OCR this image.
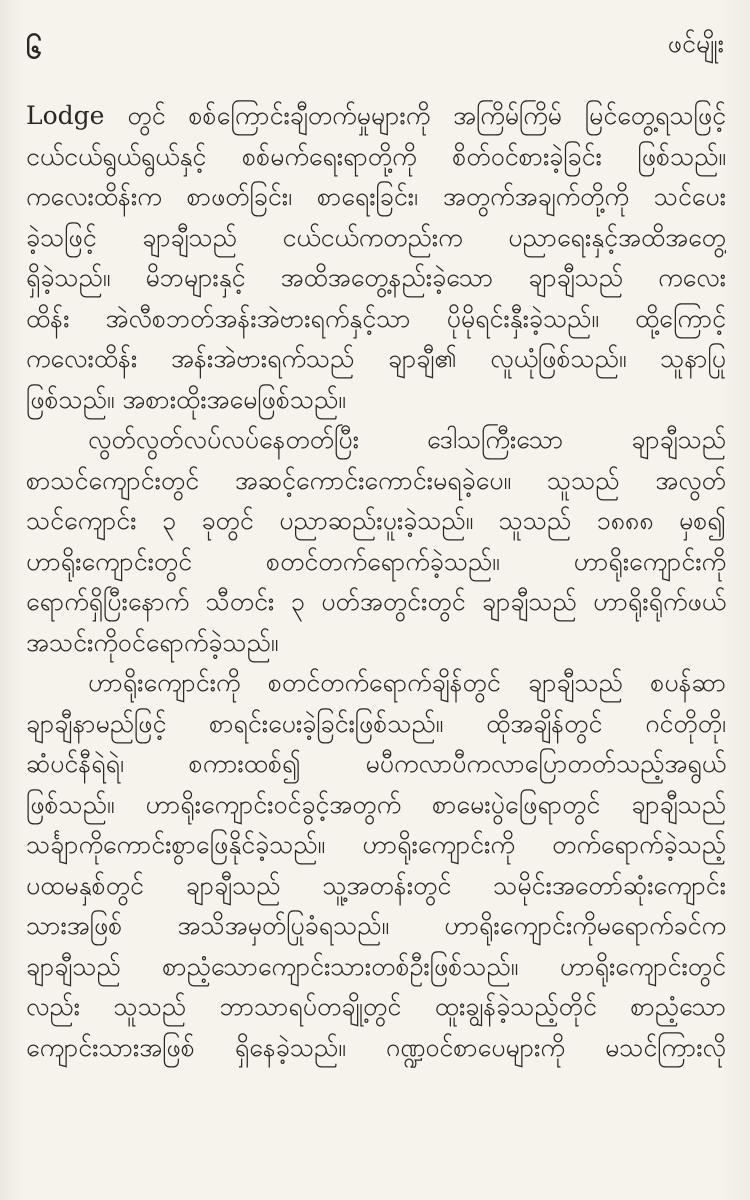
၆	ဖင်မျိုး
Lodge တွင် စစ်ကြောင်းချီတက်မှုများကို အကြိမ်ကြိမ် မြင်တွေ့ရသဖြင့်
ငယ်ငယ်ရွယ်ရွယ်နှင့် စစ်မက်ရေးရာတို့ကို စိတ်ဝင်စားခဲ့ခြင်း ဖြစ်သည်။
ကလေးထိန်းက စာဖတ်ခြင်း၊ စာရေးခြင်း၊ အတွက်အချက်တို့ကို သင်ပေး
ခဲ့သဖြင့် ချာချီသည် ငယ်ငယ်ကတည်းက ပညာရေးနှင့်အထိအတွေ့
ရှိခဲ့သည်။ မိဘများနှင့် အထိအတွေ့နည်းခဲ့သော ချာချီသည် ကလေး
ထိန်း အဲလီစဘတ်အန်းအဲဗားရက်နှင့်သာ ပိုမိုရင်းနှီးခဲ့သည်။ ထို့ကြောင့်
ကလေးထိန်း အန်းအဲဗားရက်သည် ချာချီ၏ လူယုံဖြစ်သည်။ သူနာပြု
ဖြစ်သည်။ အစားထိုးအမေဖြစ်သည်။
လွတ်လွတ်လပ်လပ်နေတတ်ပြီး ဒေါသကြီးသော ချာချီသည်
စာသင်ကျောင်းတွင် အဆင့်ကောင်းကောင်းမရခဲ့ပေ။ သူသည် အလွတ်
သင်ကျောင်း ၃ ခုတွင် ပညာဆည်းပူးခဲ့သည်။ သူသည် ၁၈၈၈ မှစ၍
ဟာရိုးကျောင်းတွင် စတင်တက်ရောက်ခဲ့သည်။ ဟာရိုးကျောင်းကို
ရောက်ရှိပြီးနောက် သီတင်း ၃ ပတ်အတွင်းတွင် ချာချီသည် ဟာရိုးရိုက်ဖယ်
အသင်းကိုဝင်ရောက်ခဲ့သည်။
ဟာရိုးကျောင်းကို စတင်တက်ရောက်ချိန်တွင် ချာချီသည် စပန်ဆာ
ချာချီနာမည်ဖြင့် စာရင်းပေးခဲ့ခြင်းဖြစ်သည်။ ထိုအချိန်တွင် ဂင်တိုတို၊
ဆံပင်နီရဲရဲ၊ စကားထစ်၍ မပီကလာပီကလာပြောတတ်သည့်အရွယ်
ဖြစ်သည်။ ဟာရိုးကျောင်းဝင်ခွင့်အတွက် စာမေးပွဲဖြေရာတွင် ချာချီသည်
သင်္ချာကိုကောင်းစွာဖြေနိုင်ခဲ့သည်။ ဟာရိုးကျောင်းကို တက်ရောက်ခဲ့သည့်
ပထမနှစ်တွင် ချာချီသည် သူ့အတန်းတွင် သမိုင်းအတော်ဆုံးကျောင်း
သားအဖြစ် အသိအမှတ်ပြုခံရသည်။ ဟာရိုးကျောင်းကိုမရောက်ခင်က
ချာချီသည် စာညံ့သောကျောင်းသားတစ်ဦးဖြစ်သည်။ ဟာရိုးကျောင်းတွင်
လည်း သူသည် ဘာသာရပ်တချို့တွင် ထူးချွန်ခဲ့သည့်တိုင် စာညံ့သော
ကျောင်းသားအဖြစ် ရှိနေခဲ့သည်။ ဂဏ္ဍဝင်စာပေများကို မသင်ကြားလို
